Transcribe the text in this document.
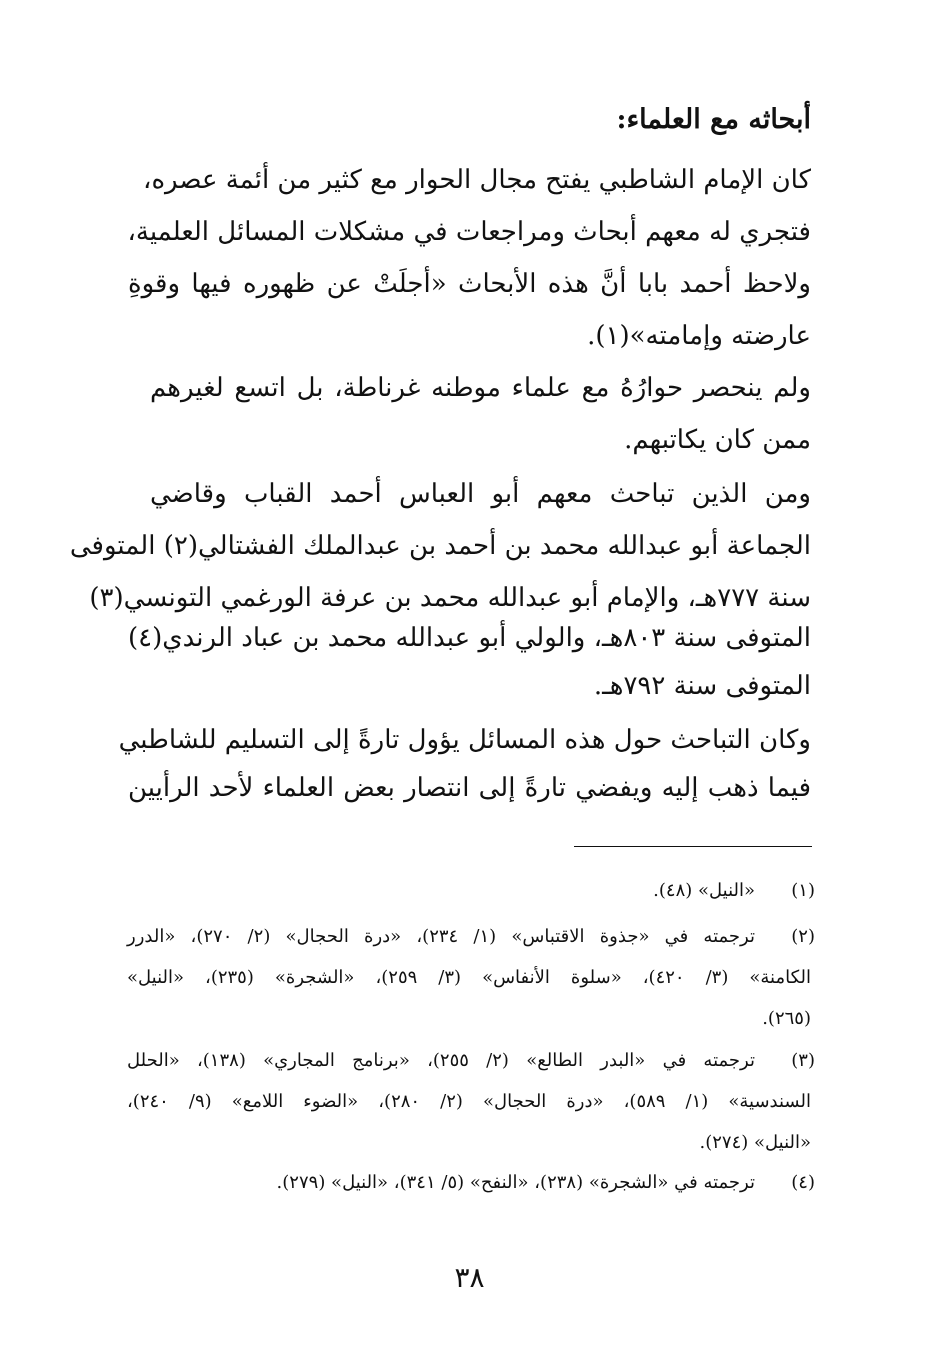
أبحاثه مع العلماء:
كان الإمام الشاطبي يفتح مجال الحوار مع كثير من أئمة عصره،
فتجري له معهم أبحاث ومراجعات في مشكلات المسائل العلمية،
ولاحظ أحمد بابا أنَّ هذه الأبحاث «أجلَتْ عن ظهوره فيها وقوةِ
عارضته وإمامته»(١).
ولم ينحصر حوارُهُ مع علماء موطنه غرناطة، بل اتسع لغيرهم
ممن كان يكاتبهم.
ومن الذين تباحث معهم أبو العباس أحمد القباب وقاضي
الجماعة أبو عبدالله محمد بن أحمد بن عبدالملك الفشتالي(٢) المتوفى
سنة ٧٧٧هـ، والإمام أبو عبدالله محمد بن عرفة الورغمي التونسي(٣)
المتوفى سنة ٨٠٣هـ، والولي أبو عبدالله محمد بن عباد الرندي(٤)
المتوفى سنة ٧٩٢هـ.
وكان التباحث حول هذه المسائل يؤول تارةً إلى التسليم للشاطبي
فيما ذهب إليه ويفضي تارةً إلى انتصار بعض العلماء لأحد الرأيين
(١)
«النيل» (٤٨).
(٢)
ترجمته في «جذوة الاقتباس» (١/ ٢٣٤)، «درة الحجال» (٢/ ٢٧٠)، «الدرر
الكامنة» (٣/ ٤٢٠)، «سلوة الأنفاس» (٣/ ٢٥٩)، «الشجرة» (٢٣٥)، «النيل»
(٢٦٥).
(٣)
ترجمته في «البدر الطالع» (٢/ ٢٥٥)، «برنامج المجاري» (١٣٨)، «الحلل
السندسية» (١/ ٥٨٩)، «درة الحجال» (٢/ ٢٨٠)، «الضوء اللامع» (٩/ ٢٤٠)،
«النيل» (٢٧٤).
(٤)
ترجمته في «الشجرة» (٢٣٨)، «النفح» (٥/ ٣٤١)، «النيل» (٢٧٩).
٣٨
